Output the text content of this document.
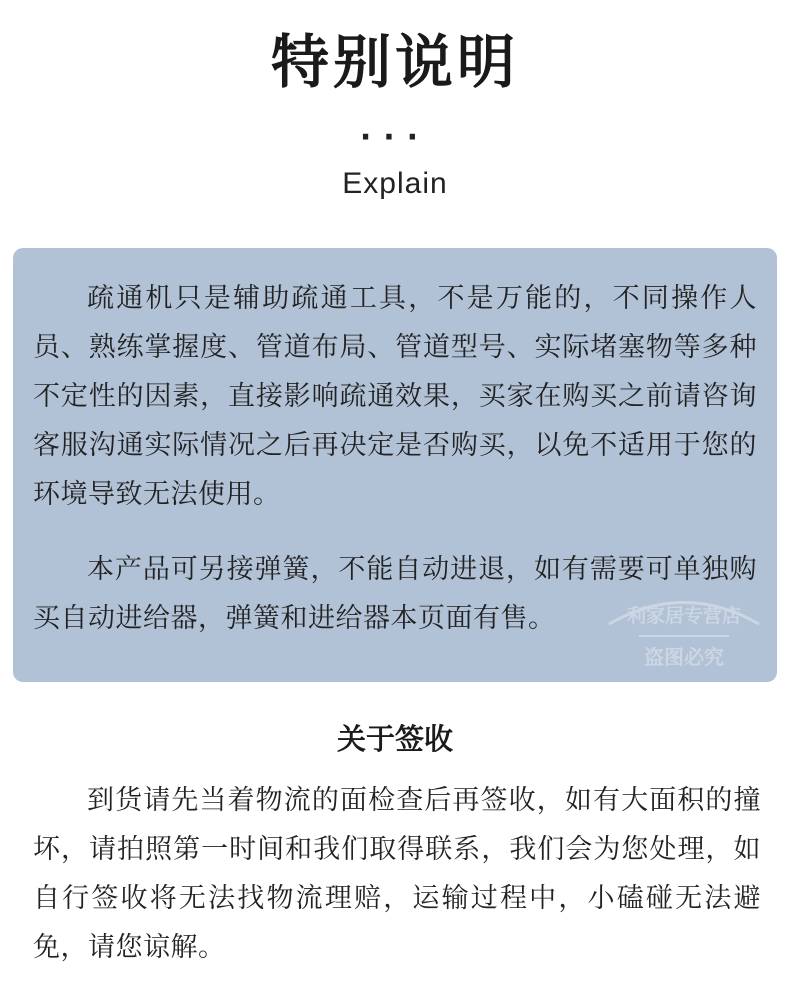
特别说明
···
Explain

疏通机只是辅助疏通工具，不是万能的，不同操作人员、熟练掌握度、管道布局、管道型号、实际堵塞物等多种不定性的因素，直接影响疏通效果，买家在购买之前请咨询客服沟通实际情况之后再决定是否购买，以免不适用于您的环境导致无法使用。

本产品可另接弹簧，不能自动进退，如有需要可单独购买自动进给器，弹簧和进给器本页面有售。	利家居专营店
盗图必究
关于签收

到货请先当着物流的面检查后再签收，如有大面积的撞坏，请拍照第一时间和我们取得联系，我们会为您处理，如自行签收将无法找物流理赔，运输过程中，小磕碰无法避免，请您谅解。
